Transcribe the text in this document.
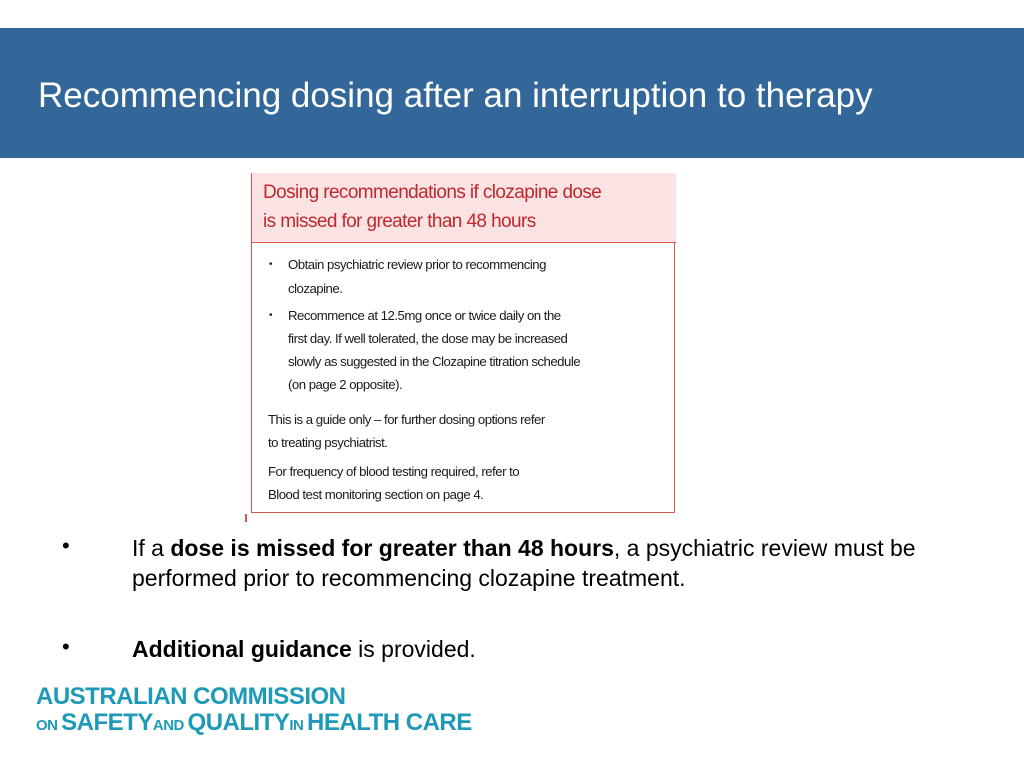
Recommencing dosing after an interruption to therapy
Dosing recommendations if clozapine dose
is missed for greater than 48 hours
• Obtain psychiatric review prior to recommencing
clozapine.
• Recommence at 12.5mg once or twice daily on the
first day. If well tolerated, the dose may be increased
slowly as suggested in the Clozapine titration schedule
(on page 2 opposite).
This is a guide only – for further dosing options refer
to treating psychiatrist.
For frequency of blood testing required, refer to
Blood test monitoring section on page 4.
•	If a dose is missed for greater than 48 hours, a psychiatric review must be performed prior to recommencing clozapine treatment.
•	Additional guidance is provided.
AUSTRALIAN COMMISSION
ON SAFETYAND QUALITYIN HEALTH CARE
